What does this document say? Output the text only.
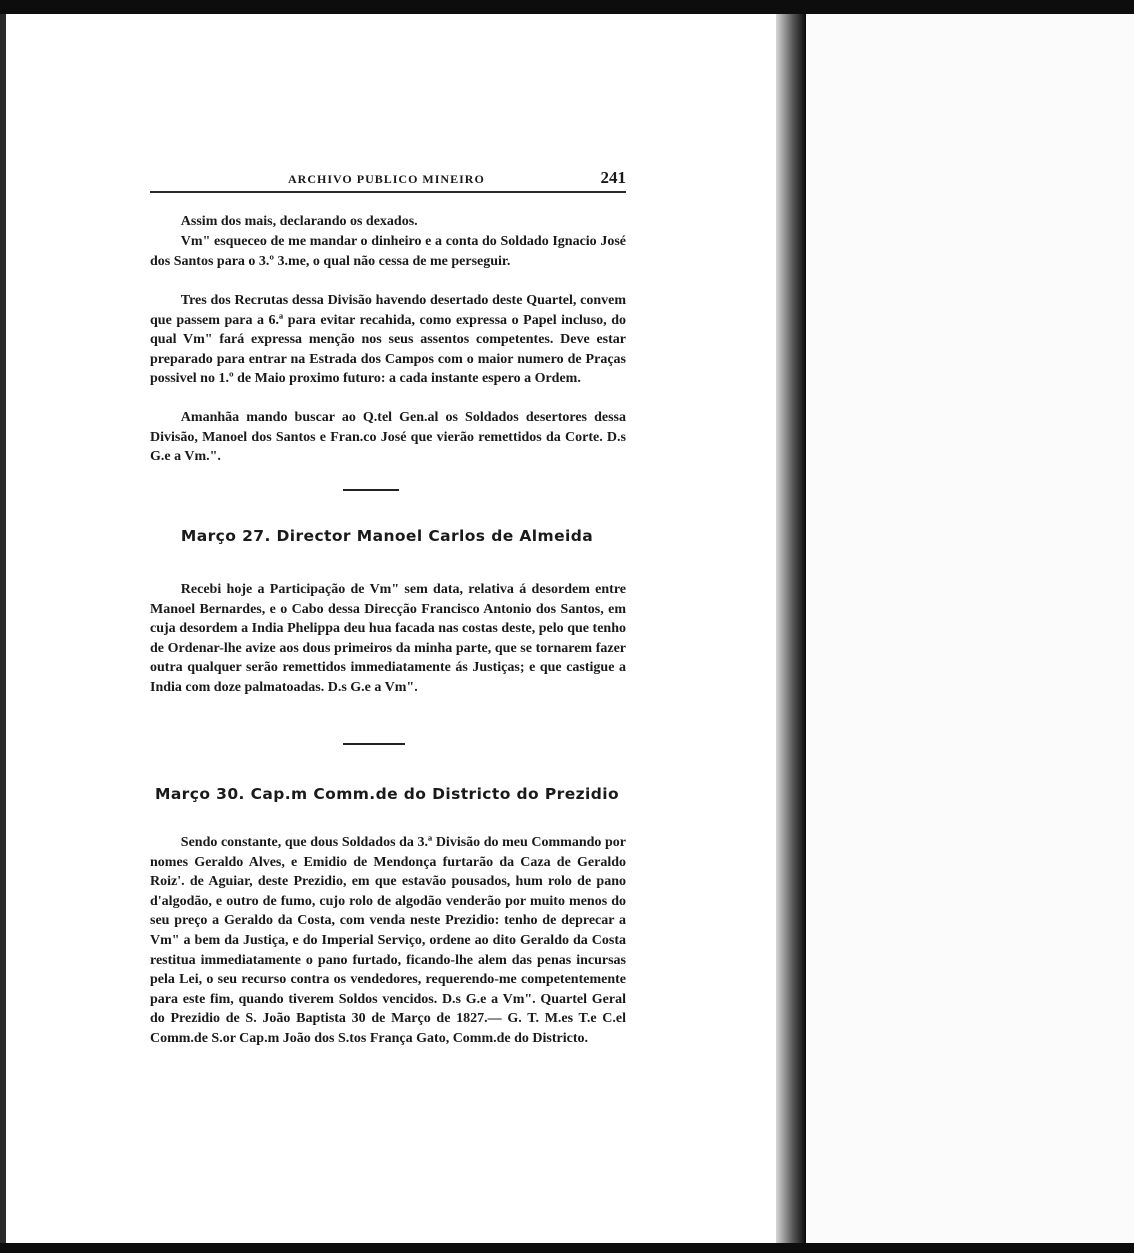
ARCHIVO PUBLICO MINEIRO	241

Assim dos mais, declarando os dexados.

Vm" esqueceo de me mandar o dinheiro e a conta do Soldado Ignacio José dos Santos para o 3.º 3.me, o qual não cessa de me perseguir.

Tres dos Recrutas dessa Divisão havendo desertado deste Quartel, convem que passem para a 6.ª para evitar recahida, como expressa o Papel incluso, do qual Vm" fará expressa menção nos seus assentos competentes. Deve estar preparado para entrar na Estrada dos Campos com o maior numero de Praças possivel no 1.º de Maio proximo futuro: a cada instante espero a Ordem.

Amanhãa mando buscar ao Q.tel Gen.al os Soldados desertores dessa Divisão, Manoel dos Santos e Fran.co José que vierão remettidos da Corte. D.s G.e a Vm.".

Março 27. Director Manoel Carlos de Almeida

Recebi hoje a Participação de Vm" sem data, relativa á desordem entre Manoel Bernardes, e o Cabo dessa Direcção Francisco Antonio dos Santos, em cuja desordem a India Phelippa deu hua facada nas costas deste, pelo que tenho de Ordenar-lhe avize aos dous primeiros da minha parte, que se tornarem fazer outra qualquer serão remettidos immediatamente ás Justiças; e que castigue a India com doze palmatoadas. D.s G.e a Vm".

Março 30. Cap.m Comm.de do Districto do Prezidio

Sendo constante, que dous Soldados da 3.ª Divisão do meu Commando por nomes Geraldo Alves, e Emidio de Mendonça furtarão da Caza de Geraldo Roiz'. de Aguiar, deste Prezidio, em que estavão pousados, hum rolo de pano d'algodão, e outro de fumo, cujo rolo de algodão venderão por muito menos do seu preço a Geraldo da Costa, com venda neste Prezidio: tenho de deprecar a Vm" a bem da Justiça, e do Imperial Serviço, ordene ao dito Geraldo da Costa restitua immediatamente o pano furtado, ficando-lhe alem das penas incursas pela Lei, o seu recurso contra os vendedores, requerendo-me competentemente para este fim, quando tiverem Soldos vencidos. D.s G.e a Vm". Quartel Geral do Prezidio de S. João Baptista 30 de Março de 1827.— G. T. M.es T.e C.el Comm.de S.or Cap.m João dos S.tos França Gato, Comm.de do Districto.
